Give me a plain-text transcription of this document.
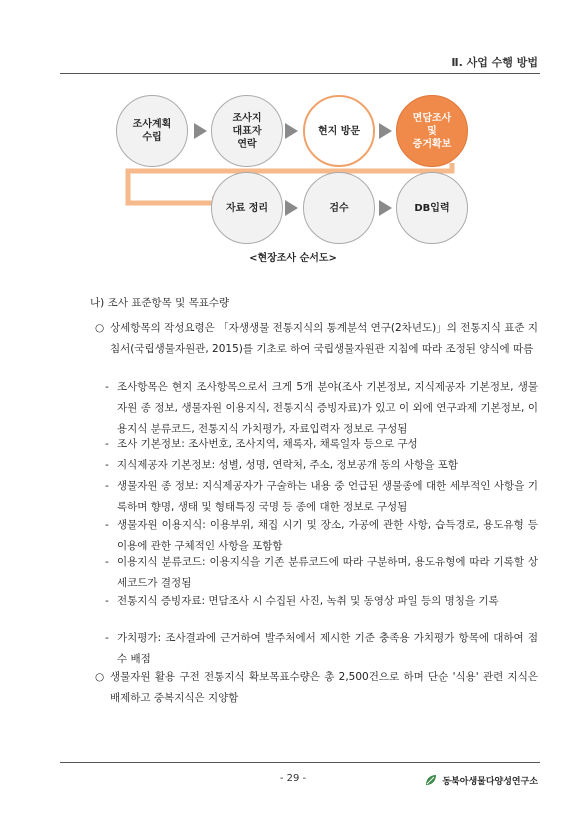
Ⅱ. 사업 수행 방법
조사계획
수립
조사지
대표자
연락
현지 방문
면담조사
및
증거확보
자료 정리	검수	DB입력
<현장조사 순서도>
나) 조사 표준항목 및 목표수량
○ 상세항목의 작성요령은 「자생생물 전통지식의 통계분석 연구(2차년도)」의 전통지식 표준 지침서(국립생물자원관, 2015)를 기초로 하여 국립생물자원관 지침에 따라 조정된 양식에 따름
- 조사항목은 현지 조사항목으로서 크게 5개 분야(조사 기본정보, 지식제공자 기본정보, 생물자원 종 정보, 생물자원 이용지식, 전통지식 증빙자료)가 있고 이 외에 연구과제 기본정보, 이용지식 분류코드, 전통지식 가치평가, 자료입력자 정보로 구성됨
- 조사 기본정보: 조사번호, 조사지역, 채록자, 채록일자 등으로 구성
- 지식제공자 기본정보: 성별, 성명, 연락처, 주소, 정보공개 동의 사항을 포함
- 생물자원 종 정보: 지식제공자가 구술하는 내용 중 언급된 생물종에 대한 세부적인 사항을 기록하며 향명, 생태 및 형태특징 국명 등 종에 대한 정보로 구성됨
- 생물자원 이용지식: 이용부위, 채집 시기 및 장소, 가공에 관한 사항, 습득경로, 용도유형 등 이용에 관한 구체적인 사항을 포함함
- 이용지식 분류코드: 이용지식을 기존 분류코드에 따라 구분하며, 용도유형에 따라 기록할 상세코드가 결정됨
- 전통지식 증빙자료: 면담조사 시 수집된 사진, 녹취 및 동영상 파일 등의 명칭을 기록
- 가치평가: 조사결과에 근거하여 발주처에서 제시한 기준 충족용 가치평가 항목에 대하여 점수 배점
○ 생물자원 활용 구전 전통지식 확보목표수량은 총 2,500건으로 하며 단순 '식용' 관련 지식은 배제하고 중복지식은 지양함
- 29 -	동북아생물다양성연구소
